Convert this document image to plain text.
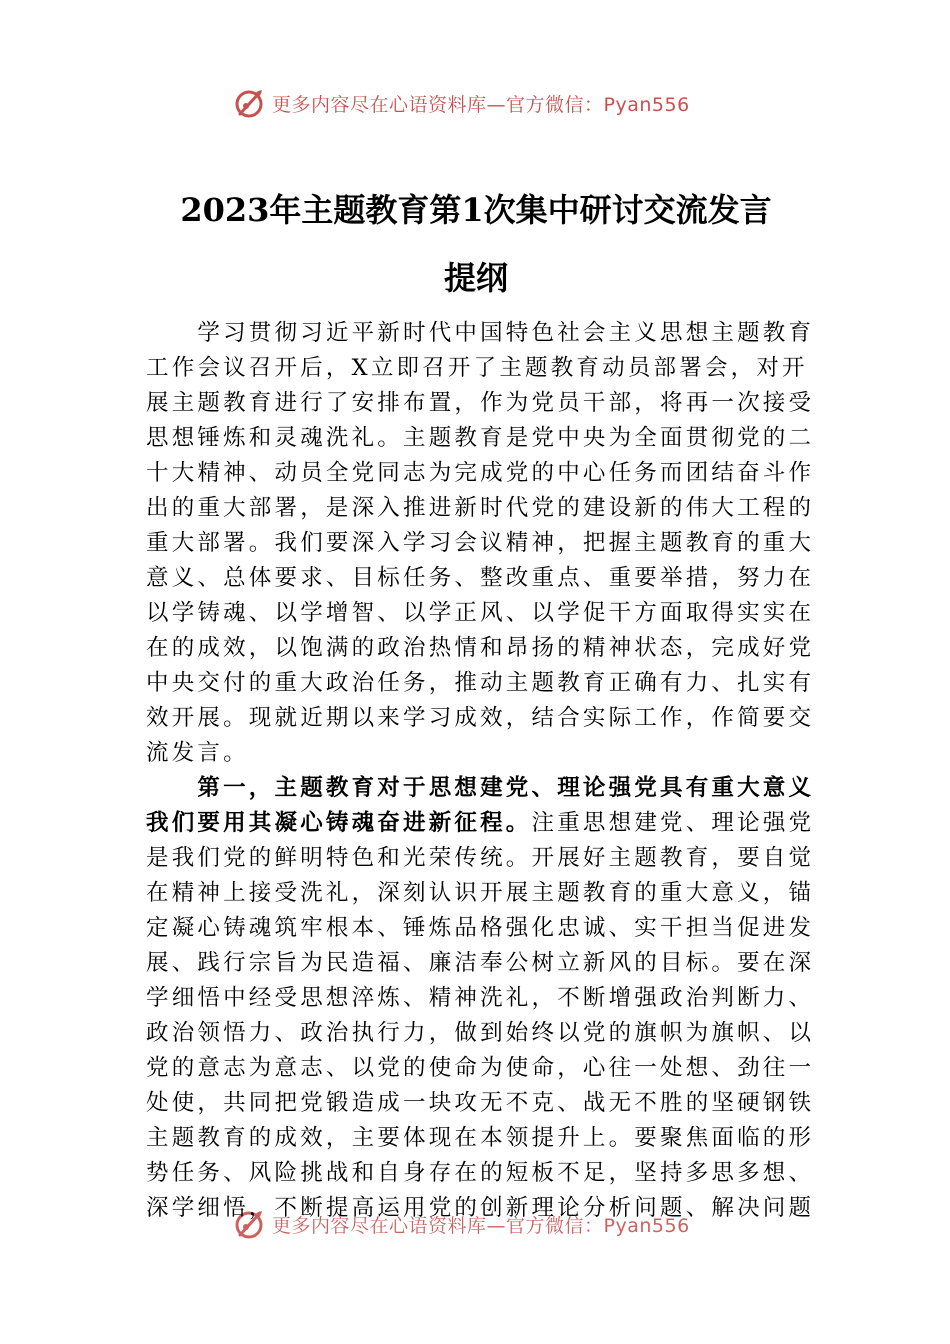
更多内容尽在心语资料库—官方微信：Pyan556
2023年主题教育第1次集中研讨交流发言
提纲
　　学习贯彻习近平新时代中国特色社会主义思想主题教育
工作会议召开后，X立即召开了主题教育动员部署会，对开
展主题教育进行了安排布置，作为党员干部，将再一次接受
思想锤炼和灵魂洗礼。主题教育是党中央为全面贯彻党的二
十大精神、动员全党同志为完成党的中心任务而团结奋斗作
出的重大部署，是深入推进新时代党的建设新的伟大工程的
重大部署。我们要深入学习会议精神，把握主题教育的重大
意义、总体要求、目标任务、整改重点、重要举措，努力在
以学铸魂、以学增智、以学正风、以学促干方面取得实实在
在的成效，以饱满的政治热情和昂扬的精神状态，完成好党
中央交付的重大政治任务，推动主题教育正确有力、扎实有
效开展。现就近期以来学习成效，结合实际工作，作简要交
流发言。
　　第一，主题教育对于思想建党、理论强党具有重大意义
我们要用其凝心铸魂奋进新征程。注重思想建党、理论强党
是我们党的鲜明特色和光荣传统。开展好主题教育，要自觉
在精神上接受洗礼，深刻认识开展主题教育的重大意义，锚
定凝心铸魂筑牢根本、锤炼品格强化忠诚、实干担当促进发
展、践行宗旨为民造福、廉洁奉公树立新风的目标。要在深
学细悟中经受思想淬炼、精神洗礼，不断增强政治判断力、
政治领悟力、政治执行力，做到始终以党的旗帜为旗帜、以
党的意志为意志、以党的使命为使命，心往一处想、劲往一
处使，共同把党锻造成一块攻无不克、战无不胜的坚硬钢铁
主题教育的成效，主要体现在本领提升上。要聚焦面临的形
势任务、风险挑战和自身存在的短板不足，坚持多思多想、
深学细悟，不断提高运用党的创新理论分析问题、解决问题
更多内容尽在心语资料库—官方微信：Pyan556
